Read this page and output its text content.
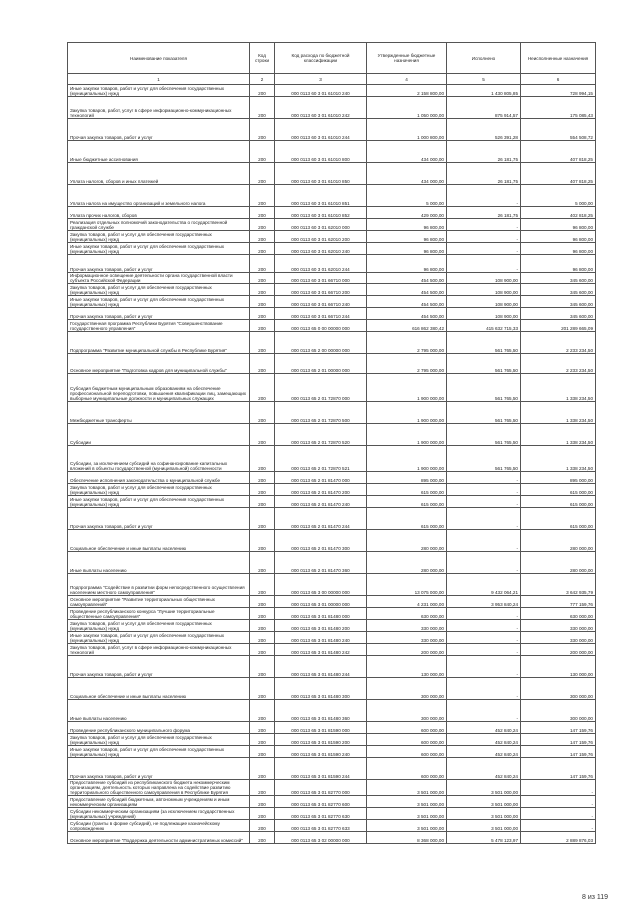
Наименование показателя	Код строки	Код расхода по бюджетной классификации	Утвержденные бюджетные назначения	Исполнено	Неисполненные назначения
1	2	3	4	5	6
Иные закупки товаров, работ и услуг для обеспечения государственных (муниципальных) нужд	200	000 0113 60 3 01 61010 240	2 158 800,00	1 430 805,85	728 994,15
Закупка товаров, работ, услуг в сфере информационно-коммуникационных технологий	200	000 0113 60 3 01 61010 242	1 050 000,00	875 914,57	175 085,43
Прочая закупка товаров, работ и услуг	200	000 0113 60 3 01 61010 244	1 000 800,00	526 391,28	554 508,72
Иные бюджетные ассигнования	200	000 0113 60 3 01 61010 800	434 000,00	26 181,75	407 818,25
Уплата налогов, сборов и иных платежей	200	000 0113 60 3 01 61010 850	434 000,00	26 181,75	407 818,25
Уплата налога на имущество организаций и земельного налога	200	000 0113 60 3 01 61010 851	5 000,00	-	5 000,00
Уплата прочих налогов, сборов	200	000 0113 60 3 01 61010 852	429 000,00	26 181,75	402 818,25
Реализация отдельных полномочий законодательства о государственной гражданской службе	200	000 0113 60 3 01 62010 000	96 800,00	-	96 800,00
Закупка товаров, работ и услуг для обеспечения государственных (муниципальных) нужд	200	000 0113 60 3 01 62010 200	96 800,00	-	96 800,00
Иные закупки товаров, работ и услуг для обеспечения государственных (муниципальных) нужд	200	000 0113 60 3 01 62010 240	96 800,00	-	96 800,00
Прочая закупка товаров, работ и услуг	200	000 0113 60 3 01 62010 244	96 800,00	-	96 800,00
Информационное освещение деятельности органа государственной власти субъекта Российской Федерации	200	000 0113 60 3 01 66710 000	454 500,00	108 900,00	345 600,00
Закупка товаров, работ и услуг для обеспечения государственных (муниципальных) нужд	200	000 0113 60 3 01 66710 200	454 500,00	108 900,00	345 600,00
Иные закупки товаров, работ и услуг для обеспечения государственных (муниципальных) нужд	200	000 0113 60 3 01 66710 240	454 500,00	108 900,00	345 600,00
Прочая закупка товаров, работ и услуг	200	000 0113 60 3 01 66710 244	454 500,00	108 900,00	345 600,00
Государственная программа Республики Бурятия "Совершенствование государственного управления"	200	000 0113 65 0 00 00000 000	616 862 380,42	415 632 715,33	201 289 665,09
Подпрограмма "Развитие муниципальной службы в Республике Бурятия"	200	000 0113 65 2 00 00000 000	2 795 000,00	561 765,50	2 233 234,50
Основное мероприятие "Подготовка кадров для муниципальной службы"	200	000 0113 65 2 01 00000 000	2 795 000,00	561 765,50	2 233 234,50
Субсидия бюджетным муниципальным образованиям на обеспечение профессиональной переподготовки, повышения квалификации лиц, замещающих выборные муниципальные должности и муниципальных служащих	200	000 0113 65 2 01 72870 000	1 900 000,00	561 765,50	1 338 234,50
Межбюджетные трансферты	200	000 0113 65 2 01 72870 500	1 900 000,00	561 765,50	1 338 234,50
Субсидии	200	000 0113 65 2 01 72870 520	1 900 000,00	561 765,50	1 338 234,50
Субсидии, за исключением субсидий на софинансирование капитальных вложений в объекты государственной (муниципальной) собственности	200	000 0113 65 2 01 72870 521	1 900 000,00	561 765,50	1 338 234,50
Обеспечение исполнения законодательства о муниципальной службе	200	000 0113 65 2 01 81470 000	895 000,00	-	895 000,00
Закупка товаров, работ и услуг для обеспечения государственных (муниципальных) нужд	200	000 0113 65 2 01 81470 200	615 000,00	-	615 000,00
Иные закупки товаров, работ и услуг для обеспечения государственных (муниципальных) нужд	200	000 0113 65 2 01 81470 240	615 000,00	-	615 000,00
Прочая закупка товаров, работ и услуг	200	000 0113 65 2 01 81470 244	615 000,00	-	615 000,00
Социальное обеспечение и иные выплаты населению	200	000 0113 65 2 01 81470 300	280 000,00	-	280 000,00
Иные выплаты населению	200	000 0113 65 2 01 81470 360	280 000,00	-	280 000,00
Подпрограмма "Содействие в развитии форм непосредственного осуществления населением местного самоуправления"	200	000 0113 65 3 00 00000 000	13 075 000,00	9 432 064,21	3 642 935,79
Основное мероприятие "Развитие территориальных общественных самоуправлений"	200	000 0113 65 3 01 00000 000	4 231 000,00	3 953 840,24	777 159,76
Проведение республиканского конкурса "Лучшие территориальные общественные самоуправления"	200	000 0113 65 3 01 81480 000	630 000,00	-	630 000,00
Закупка товаров, работ и услуг для обеспечения государственных (муниципальных) нужд	200	000 0113 65 3 01 81480 200	330 000,00	-	330 000,00
Иные закупки товаров, работ и услуг для обеспечения государственных (муниципальных) нужд	200	000 0113 65 3 01 81480 240	330 000,00	-	330 000,00
Закупка товаров, работ, услуг в сфере информационно-коммуникационных технологий	200	000 0113 65 3 01 81480 242	200 000,00	-	200 000,00
Прочая закупка товаров, работ и услуг	200	000 0113 65 3 01 81480 244	130 000,00	-	130 000,00
Социальное обеспечение и иные выплаты населению	200	000 0113 65 3 01 81480 300	300 000,00	-	300 000,00
Иные выплаты населению	200	000 0113 65 3 01 81480 360	300 000,00	-	300 000,00
Проведение республиканского муниципального форума	200	000 0113 65 3 01 81590 000	600 000,00	452 840,24	147 159,76
Закупка товаров, работ и услуг для обеспечения государственных (муниципальных) нужд	200	000 0113 65 3 01 81590 200	600 000,00	452 840,24	147 159,76
Иные закупки товаров, работ и услуг для обеспечения государственных (муниципальных) нужд	200	000 0113 65 3 01 81590 240	600 000,00	452 840,24	147 159,76
Прочая закупка товаров, работ и услуг	200	000 0113 65 3 01 81590 244	600 000,00	452 840,24	147 159,76
Предоставление субсидий из республиканского бюджета некоммерческим организациям, деятельность которых направлена на содействие развитию территориального общественного самоуправления в Республике Бурятия	200	000 0113 65 3 01 82770 000	3 501 000,00	3 501 000,00	-
Предоставление субсидий бюджетным, автономным учреждениям и иным некоммерческим организациям	200	000 0113 65 3 01 82770 600	3 501 000,00	3 501 000,00	-
Субсидии некоммерческим организациям (за исключением государственных (муниципальных) учреждений)	200	000 0113 65 3 01 82770 630	3 501 000,00	3 501 000,00	-
Субсидии (гранты в форме субсидий), не подлежащие казначейскому сопровождению	200	000 0113 65 3 01 82770 633	3 501 000,00	3 501 000,00	-
Основное мероприятие "Поддержка деятельности административных комиссий"	200	000 0113 65 3 02 00000 000	8 368 000,00	5 478 123,97	2 889 876,03
8 из 119
